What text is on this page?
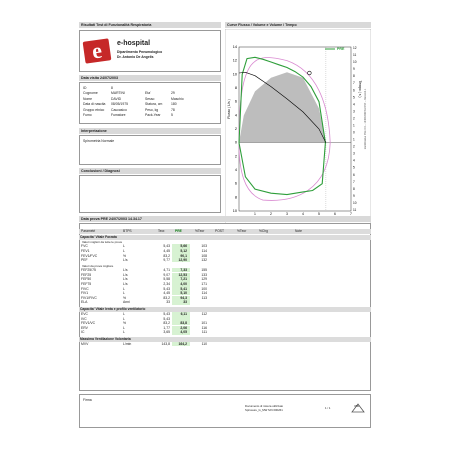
Risultati Test di Funzionalità Respiratoria	Curve Flusso / Volume e Volume / Tempo
e	e-hospital
Dipartimento Pneumologico
Dr. Antonio De Angelis
Data visita 24/07/2003
ID	8
Cognome	MARTINI	Eta'	29
Nome	DAVID	Sesso	Maschio
Data di nascita 08/05/1975	Statura, cm	180
Gruppo etnico Caucasico	Peso, kg	78
Fumo	Fumatore	Pack-Year	5
Interpretazione
Spirometria Normale
Conclusioni / Diagnosi
14
12
10
8
6
4
2
0
2
4
6
8
10
12
11
10
9
8
7
6
5
4
3
2
1
0
1
2
3
4
5
6
7
8
9
10
11
1	2	3	4	5	6	7
Flusso ( L/s )
Tempo ( s ) Identificativo PRE 0 0 -- 10/09/2009 6:23:57 -- Microt12.1
PRE
Data prova PRE 24/07/2003 14.34.17
Parametri	BTPS	Teor.	PRE	%Teor	POST	%Teor	%Chg	Note
Capacita' Vitale Forzata
Valori migliori da tutte le prove
FVC	L	5,43	5,66	103
FEV1	L	4,45	5,12	114
FEV1/FVC	%	83,2	90,1	108
PEF	L/s	9,77	12,90	132
Valori da prova migliore
FEF25/75	L/s	4,71	7,33	155
FEF25	L/s	9,07	12,53	133
FEF50	L/s	5,58	7,21	129
FEF75	L/s	2,34	4,00	171
FIVC	L	5,43	5,41	100
FIV1	L	4,45	5,10	114
FIV1/FIVC	%	83,2	94,3	113
ELA	Anni	33	33
Capacita' Vitale lenta e profilo ventilatorio
EVC	L	5,43	6,11	112
IVC	L	5,43
FEV1/VC	%	83,2	83,8	101
ERV	L	1,77	2,06	116
IC	L	3,65	4,05	111
Massima Ventilazione Volontaria
MVV	L/min	143,8	164,2	110
Firma
Documento di misura utilizzato
Spirosure_G_MW S/N 000261	1 / 1	MIR
